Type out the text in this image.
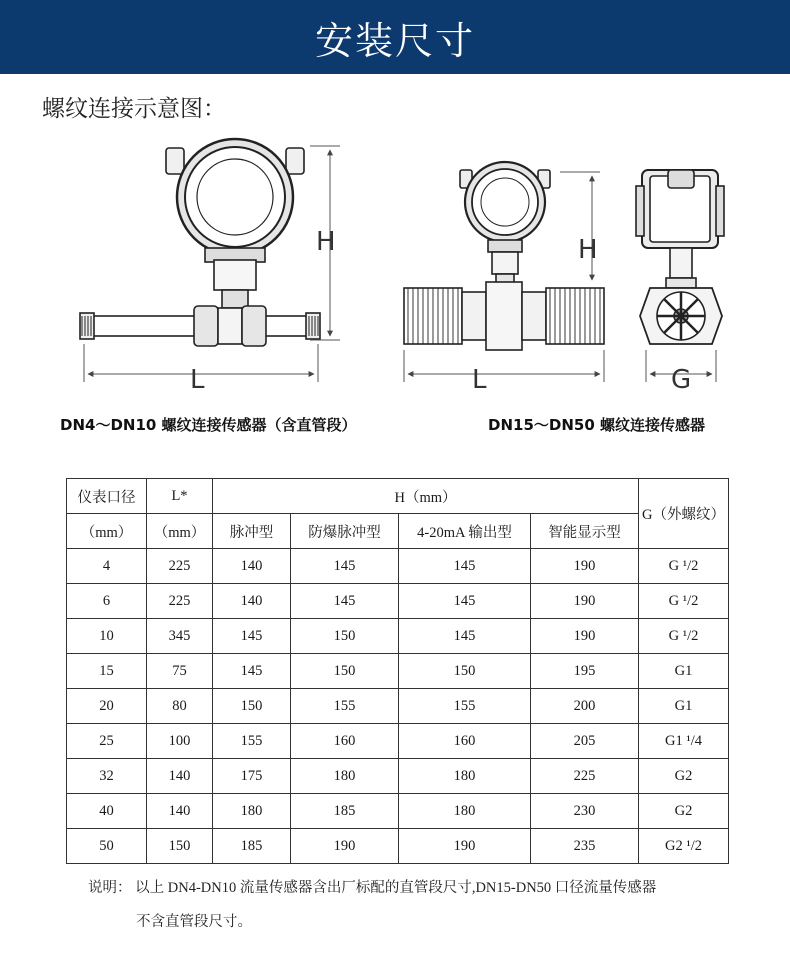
安装尺寸
螺纹连接示意图：
H
L
H
L	G
DN4～DN10 螺纹连接传感器（含直管段）	DN15～DN50 螺纹连接传感器
仪表口径	L*	H（mm）				G（外螺纹）
（mm）	（mm）	脉冲型	防爆脉冲型	4-20mA 输出型	智能显示型	
4	225	140	145	145	190	G ¹/2
6	225	140	145	145	190	G ¹/2
10	345	145	150	145	190	G ¹/2
15	75	145	150	150	195	G1
20	80	150	155	155	200	G1
25	100	155	160	160	205	G1 ¹/4
32	140	175	180	180	225	G2
40	140	180	185	180	230	G2
50	150	185	190	190	235	G2 ¹/2
说明： 以上 DN4-DN10 流量传感器含出厂标配的直管段尺寸,DN15-DN50 口径流量传感器
不含直管段尺寸。
